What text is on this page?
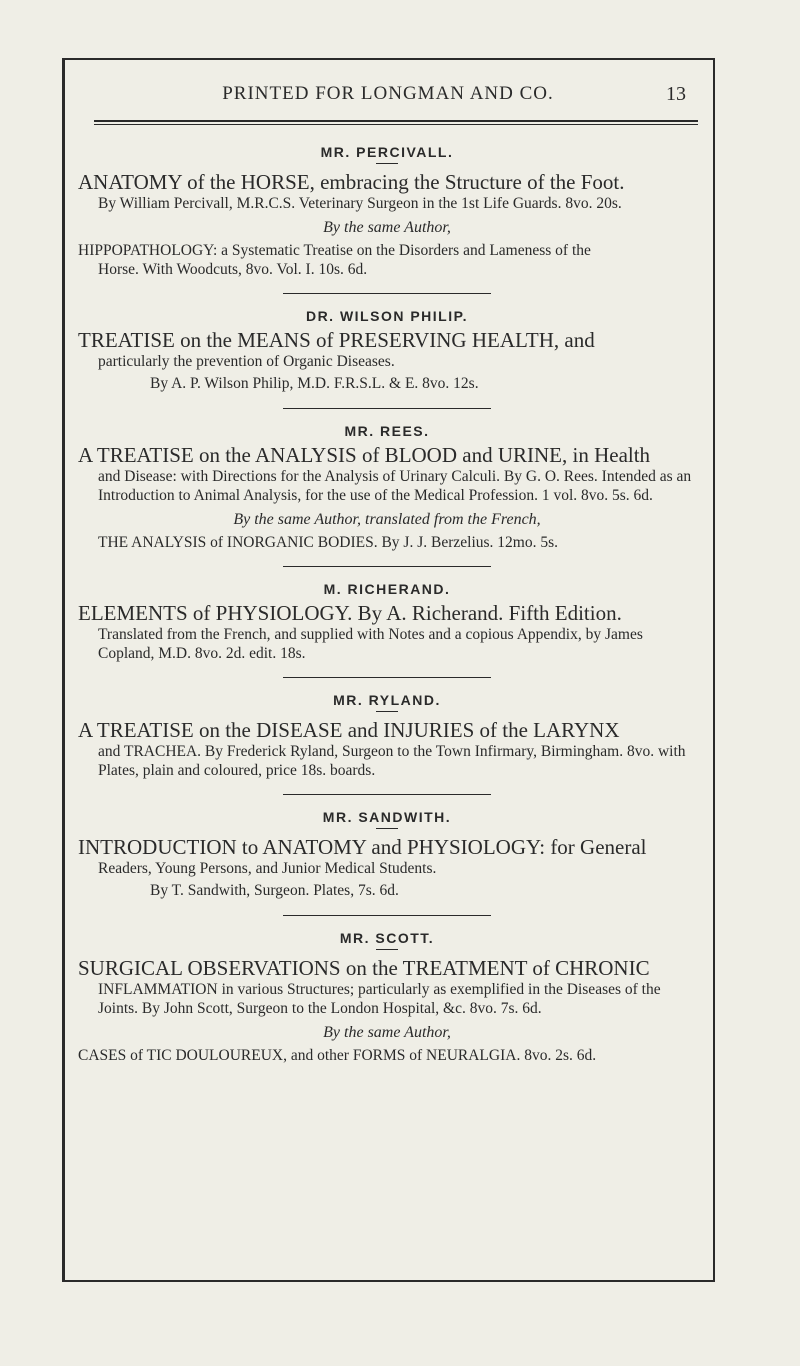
PRINTED FOR LONGMAN AND CO.	13
MR. PERCIVALL.

ANATOMY of the HORSE, embracing the Structure of the Foot.

By William Percivall, M.R.C.S. Veterinary Surgeon in the 1st Life Guards. 8vo. 20s.

By the same Author,

HIPPOPATHOLOGY: a Systematic Treatise on the Disorders and Lameness of the

Horse. With Woodcuts, 8vo. Vol. I. 10s. 6d.

DR. WILSON PHILIP.

TREATISE on the MEANS of PRESERVING HEALTH, and

particularly the prevention of Organic Diseases.

By A. P. Wilson Philip, M.D. F.R.S.L. & E. 8vo. 12s.

MR. REES.

A TREATISE on the ANALYSIS of BLOOD and URINE, in Health

and Disease: with Directions for the Analysis of Urinary Calculi. By G. O. Rees. Intended as an Introduction to Animal Analysis, for the use of the Medical Profession. 1 vol. 8vo. 5s. 6d.

By the same Author, translated from the French,

THE ANALYSIS of INORGANIC BODIES. By J. J. Berzelius. 12mo. 5s.

M. RICHERAND.

ELEMENTS of PHYSIOLOGY. By A. Richerand. Fifth Edition.

Translated from the French, and supplied with Notes and a copious Appendix, by James Copland, M.D. 8vo. 2d. edit. 18s.

MR. RYLAND.

A TREATISE on the DISEASE and INJURIES of the LARYNX

and TRACHEA. By Frederick Ryland, Surgeon to the Town Infirmary, Birmingham. 8vo. with Plates, plain and coloured, price 18s. boards.

MR. SANDWITH.

INTRODUCTION to ANATOMY and PHYSIOLOGY: for General

Readers, Young Persons, and Junior Medical Students.

By T. Sandwith, Surgeon. Plates, 7s. 6d.

MR. SCOTT.

SURGICAL OBSERVATIONS on the TREATMENT of CHRONIC

INFLAMMATION in various Structures; particularly as exemplified in the Diseases of the Joints. By John Scott, Surgeon to the London Hospital, &c. 8vo. 7s. 6d.

By the same Author,

CASES of TIC DOULOUREUX, and other FORMS of NEURALGIA. 8vo. 2s. 6d.
